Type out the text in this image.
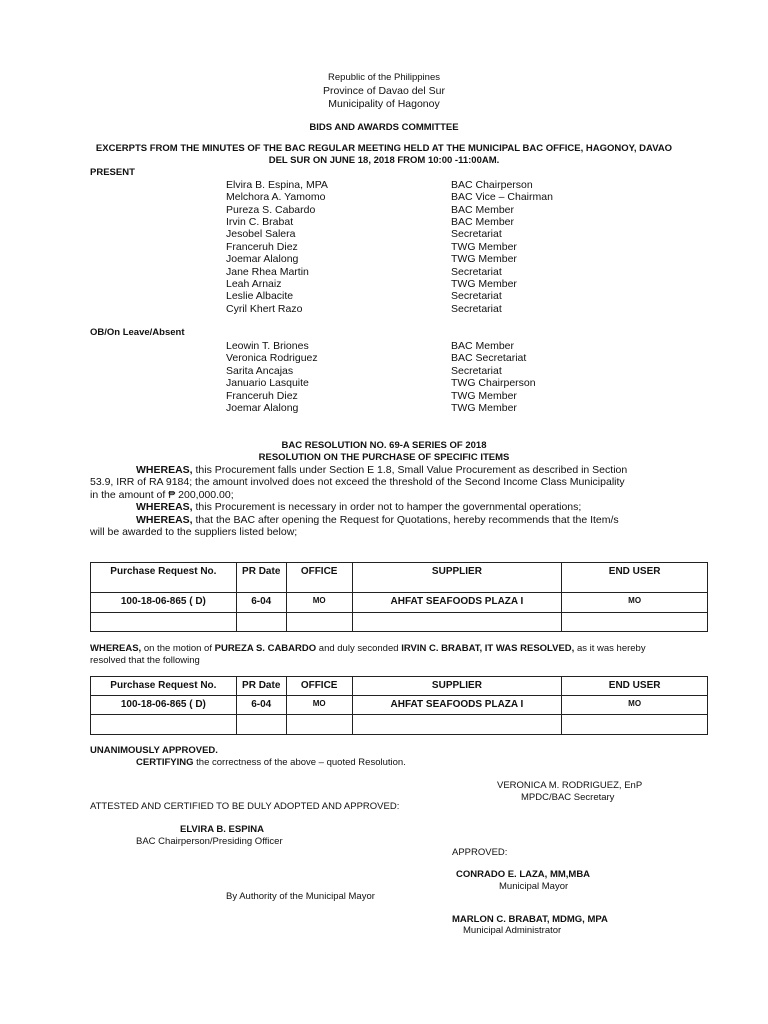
Republic of the Philippines
Province of Davao del Sur
Municipality of Hagonoy
BIDS AND AWARDS COMMITTEE
EXCERPTS FROM THE MINUTES OF THE BAC REGULAR MEETING HELD AT THE MUNICIPAL BAC OFFICE, HAGONOY, DAVAO
DEL SUR ON JUNE 18, 2018 FROM 10:00 -11:00AM.
PRESENT
Elvira B. Espina, MPA	BAC Chairperson
Melchora A. Yamomo	BAC Vice – Chairman
Pureza S. Cabardo	BAC Member
Irvin C. Brabat	BAC Member
Jesobel Salera	Secretariat
Franceruh Diez	TWG Member
Joemar Alalong	TWG Member
Jane Rhea Martin	Secretariat
Leah Arnaiz	TWG Member
Leslie Albacite	Secretariat
Cyril Khert Razo	Secretariat
OB/On Leave/Absent
Leowin T. Briones	BAC Member
Veronica Rodriguez	BAC Secretariat
Sarita Ancajas	Secretariat
Januario Lasquite	TWG Chairperson
Franceruh Diez	TWG Member
Joemar Alalong	TWG Member
BAC RESOLUTION NO. 69-A SERIES OF 2018
RESOLUTION ON THE PURCHASE OF SPECIFIC ITEMS
WHEREAS, this Procurement falls under Section E 1.8, Small Value Procurement as described in Section
53.9, IRR of RA 9184; the amount involved does not exceed the threshold of the Second Income Class Municipality
in the amount of ₱ 200,000.00;
WHEREAS, this Procurement is necessary in order not to hamper the governmental operations;
WHEREAS, that the BAC after opening the Request for Quotations, hereby recommends that the Item/s
will be awarded to the suppliers listed below;
Purchase Request No.	PR Date	OFFICE	SUPPLIER	END USER
100-18-06-865 ( D)	6-04	MO	AHFAT SEAFOODS PLAZA I	MO

WHEREAS, on the motion of PUREZA S. CABARDO and duly seconded IRVIN C. BRABAT, IT WAS RESOLVED, as it was hereby
resolved that the following
Purchase Request No.	PR Date	OFFICE	SUPPLIER	END USER
100-18-06-865 ( D)	6-04	MO	AHFAT SEAFOODS PLAZA I	MO

UNANIMOUSLY APPROVED.
CERTIFYING the correctness of the above – quoted Resolution.
VERONICA M. RODRIGUEZ, EnP
MPDC/BAC Secretary
ATTESTED AND CERTIFIED TO BE DULY ADOPTED AND APPROVED:
ELVIRA B. ESPINA
BAC Chairperson/Presiding Officer
APPROVED:
CONRADO E. LAZA, MM,MBA
Municipal Mayor
By Authority of the Municipal Mayor
MARLON C. BRABAT, MDMG, MPA
Municipal Administrator
